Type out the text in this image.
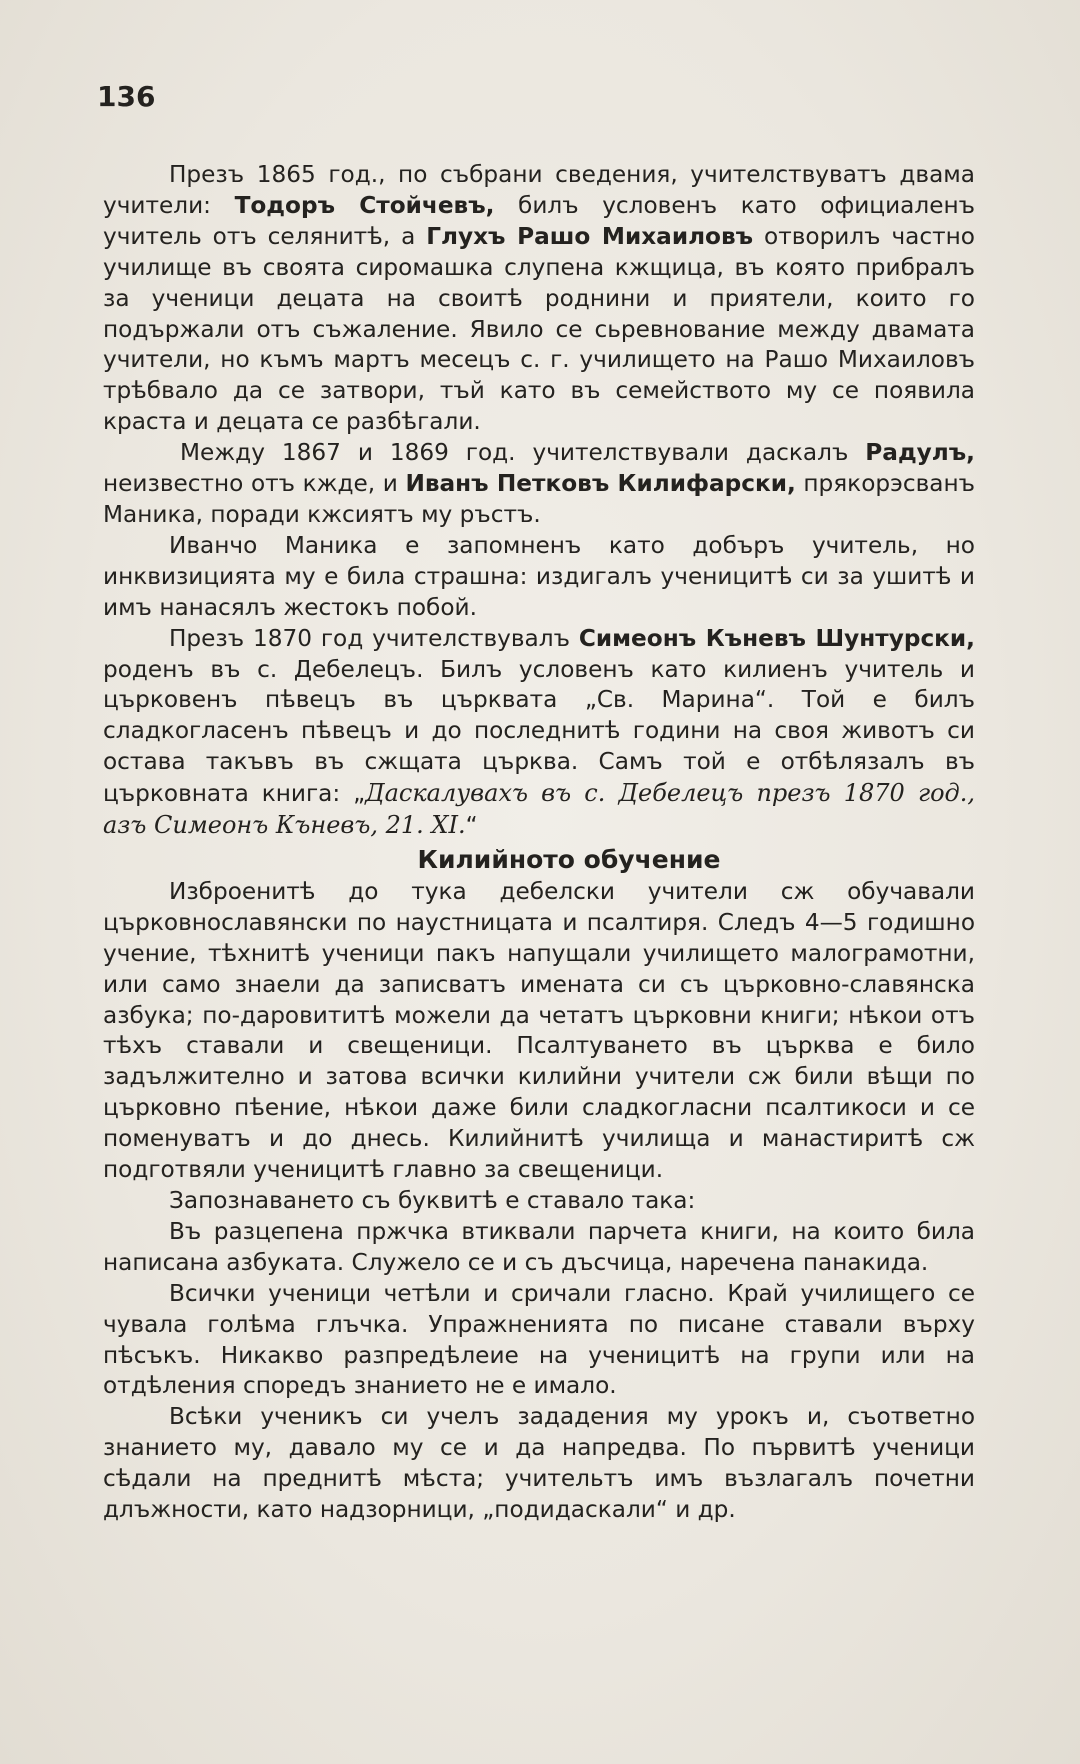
136

Презъ 1865 год., по събрани сведения, учителствуватъ двама учители: Тодоръ Стойчевъ, билъ условенъ като официаленъ учитель отъ селянитѣ, а Глухъ Рашо Михаиловъ отворилъ частно училище въ своята сиромашка слупена кжщица, въ която прибралъ за ученици децата на своитѣ роднини и приятели, които го подържали отъ съжаление. Явило се сьревнование между двамата учители, но къмъ мартъ месецъ с. г. училището на Рашо Михаиловъ трѣбвало да се затвори, тъй като въ семейството му се появила краста и децата се разбѣгали.

Между 1867 и 1869 год. учителствували даскалъ Радулъ, неизвестно отъ кжде, и Иванъ Петковъ Килифарски, прякорэсванъ Маника, поради кжсиятъ му ръстъ.

Иванчо Маника е запомненъ като добъръ учитель, но инквизицията му е била страшна: издигалъ ученицитѣ си за ушитѣ и имъ нанасялъ жестокъ побой.

Презъ 1870 год учителствувалъ Симеонъ Къневъ Шунтурски, роденъ въ с. Дебелецъ. Билъ условенъ като килиенъ учитель и църковенъ пѣвецъ въ църквата „Св. Марина“. Той е билъ сладкогласенъ пѣвецъ и до последнитѣ години на своя животъ си остава такъвъ въ сжщата църква. Самъ той е отбѣлязалъ въ църковната книга: „Даскалувахъ въ с. Дебелецъ презъ 1870 год., азъ Симеонъ Къневъ, 21. XI.“

Килийното обучение

Изброенитѣ до тука дебелски учители сж обучавали църковнославянски по наустницата и псалтиря. Следъ 4—5 годишно учение, тѣхнитѣ ученици пакъ напущали училището малограмотни, или само знаели да записватъ имената си съ църковно-славянска азбука; по-даровититѣ можели да четатъ църковни книги; нѣкои отъ тѣхъ ставали и свещеници. Псалтуването въ църква е било задължително и затова всички килийни учители сж били вѣщи по църковно пѣение, нѣкои даже били сладкогласни псалтикоси и се поменуватъ и до днесь. Килийнитѣ училища и манастиритѣ сж подготвяли ученицитѣ главно за свещеници.

Запознаването съ буквитѣ е ставало така:

Въ разцепена пржчка втиквали парчета книги, на които била написана азбуката. Служело се и съ дъсчица, наречена панакида.

Всички ученици четѣли и сричали гласно. Край училищего се чувала голѣма глъчка. Упражненията по писане ставали върху пѣсъкъ. Никакво разпредѣлеие на ученицитѣ на групи или на отдѣления споредъ знанието не е имало.

Всѣки ученикъ си учелъ зададения му урокъ и, съответно знанието му, давало му се и да напредва. По първитѣ ученици сѣдали на преднитѣ мѣста; учительтъ имъ възлагалъ почетни длъжности, като надзорници, „подидаскали“ и др.
